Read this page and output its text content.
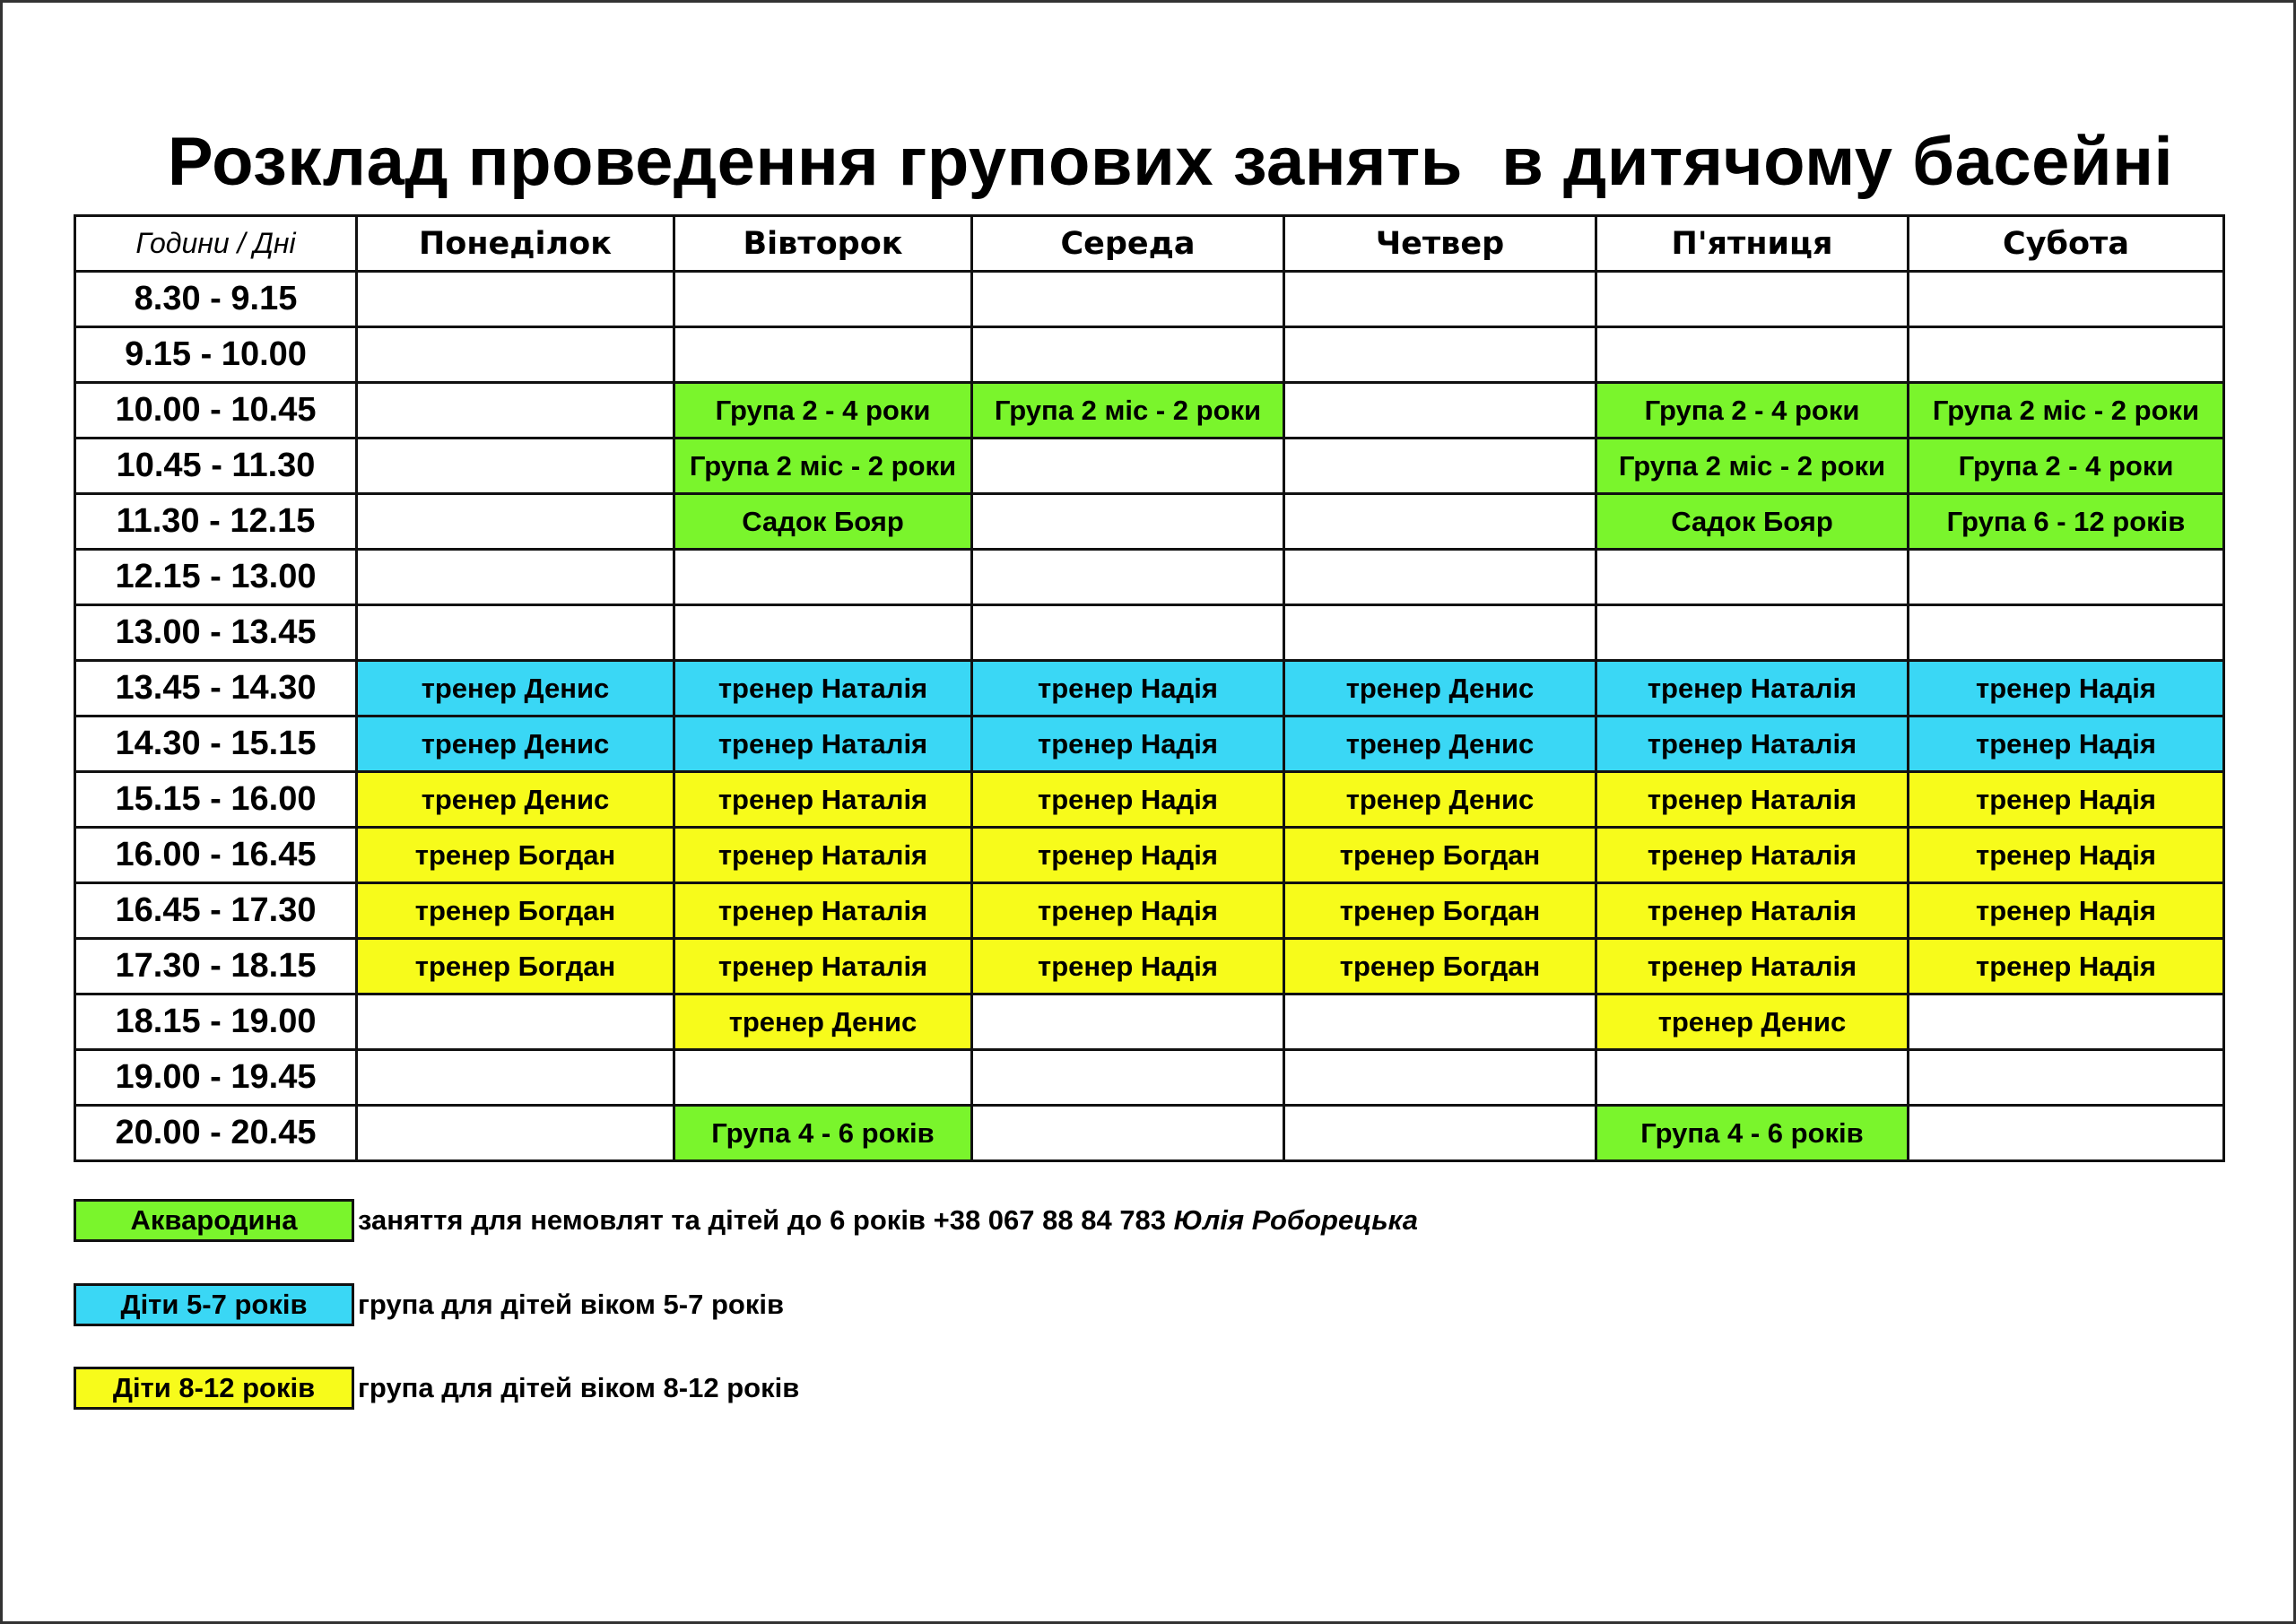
Розклад проведення групових занять  в дитячому басейні
Години / Дні	Понеділок	Вівторок	Середа	Четвер	П'ятниця	Субота
8.30 - 9.15						
9.15 - 10.00						
10.00 - 10.45		Група 2 - 4 роки	Група 2 міс - 2 роки		Група 2 - 4 роки	Група 2 міс - 2 роки
10.45 - 11.30		Група 2 міс - 2 роки			Група 2 міс - 2 роки	Група 2 - 4 роки
11.30 - 12.15		Садок Бояр			Садок Бояр	Група 6 - 12 років
12.15 - 13.00						
13.00 - 13.45						
13.45 - 14.30	тренер Денис	тренер Наталія	тренер Надія	тренер Денис	тренер Наталія	тренер Надія
14.30 - 15.15	тренер Денис	тренер Наталія	тренер Надія	тренер Денис	тренер Наталія	тренер Надія
15.15 - 16.00	тренер Денис	тренер Наталія	тренер Надія	тренер Денис	тренер Наталія	тренер Надія
16.00 - 16.45	тренер Богдан	тренер Наталія	тренер Надія	тренер Богдан	тренер Наталія	тренер Надія
16.45 - 17.30	тренер Богдан	тренер Наталія	тренер Надія	тренер Богдан	тренер Наталія	тренер Надія
17.30 - 18.15	тренер Богдан	тренер Наталія	тренер Надія	тренер Богдан	тренер Наталія	тренер Надія
18.15 - 19.00		тренер Денис			тренер Денис	
19.00 - 19.45						
20.00 - 20.45		Група 4 - 6 років			Група 4 - 6 років	
Аквародина	заняття для немовлят та дітей до 6 років +38 067 88 84 783 Юлія Роборецька
Діти 5-7 років	група для дітей віком 5-7 років
Діти 8-12 років	група для дітей віком 8-12 років
